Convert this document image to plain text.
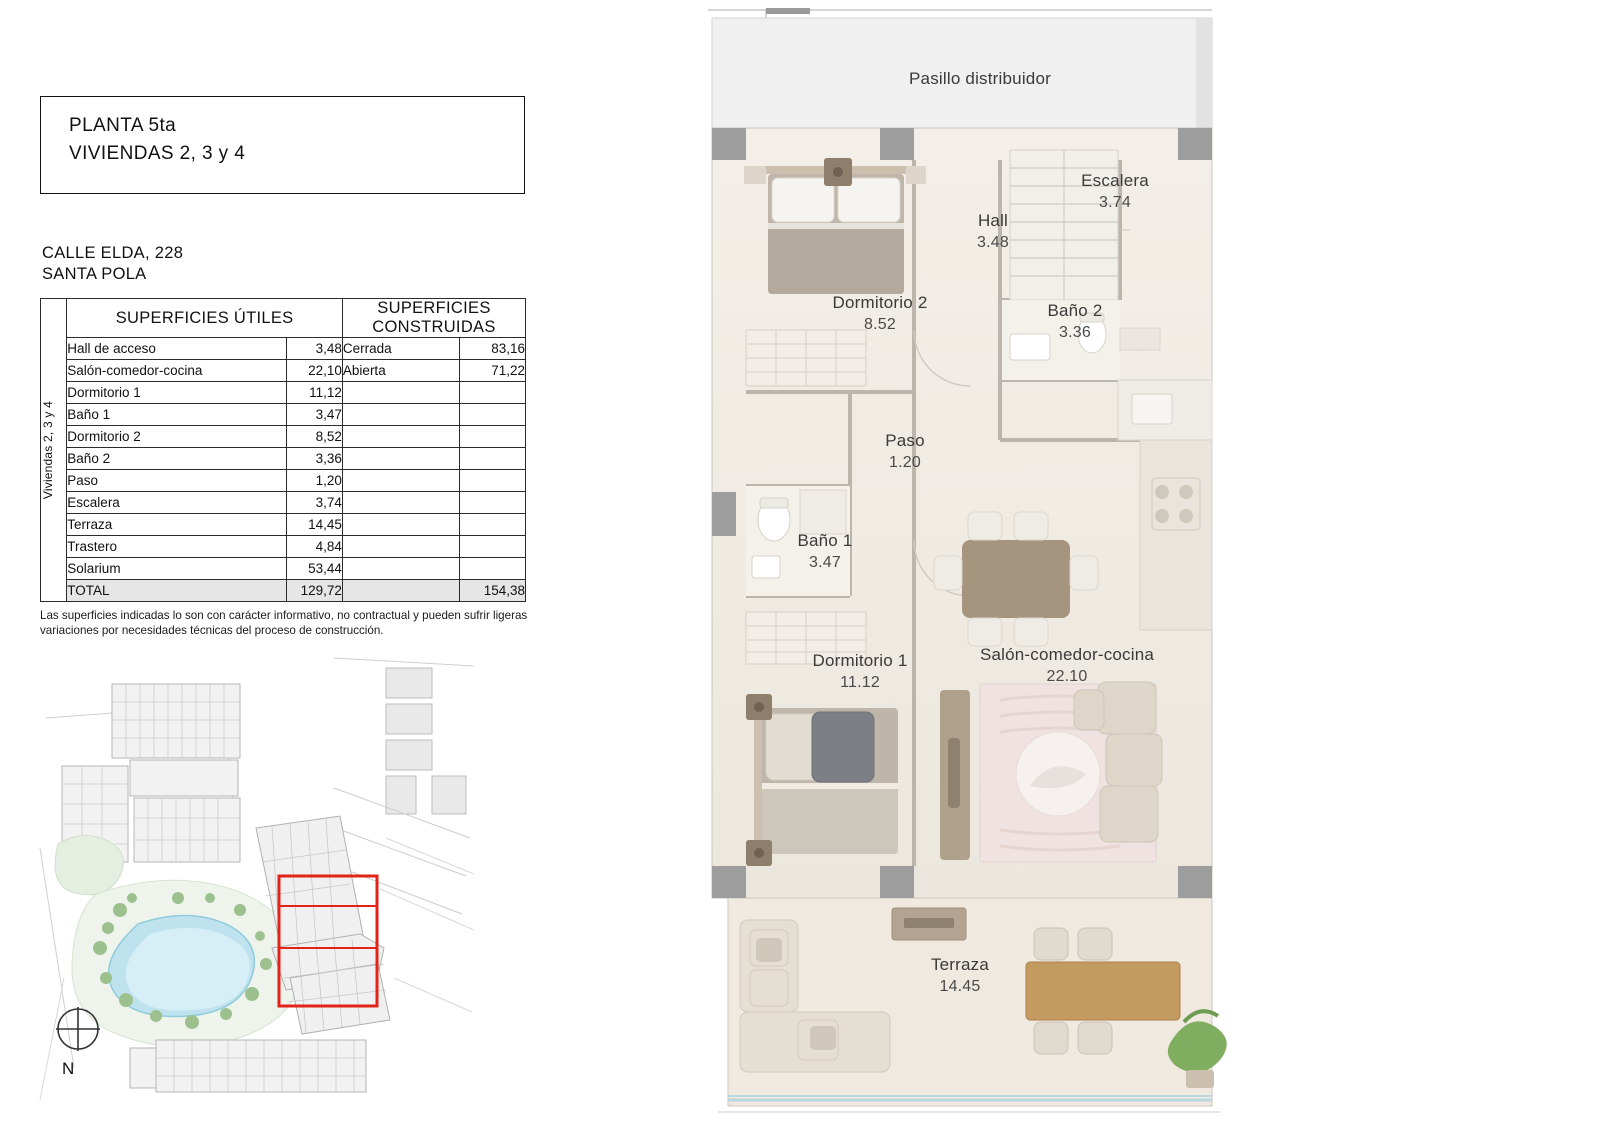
PLANTA 5ta
VIVIENDAS 2, 3 y 4
CALLE ELDA, 228
SANTA POLA
Viviendas 2, 3 y 4	SUPERFICIES ÚTILES		SUPERFICIES CONSTRUIDAS	
	Hall de acceso	3,48	Cerrada	83,16
	Salón-comedor-cocina	22,10	Abierta	71,22
	Dormitorio 1	11,12		
	Baño 1	3,47		
	Dormitorio 2	8,52		
	Baño 2	3,36		
	Paso	1,20		
	Escalera	3,74		
	Terraza	14,45		
	Trastero	4,84		
	Solarium	53,44		
	TOTAL	129,72		154,38
Las superficies indicadas lo son con carácter informativo, no contractual y pueden sufrir ligeras variaciones por necesidades técnicas del proceso de construcción.
N
Pasillo distribuidor
Dormitorio 2
8.52
Hall
3.48
Escalera
3.74
Baño 2
3.36
Paso
1.20
Baño 1
3.47
Dormitorio 1
11.12
Salón-comedor-cocina
22.10
Terraza
14.45
